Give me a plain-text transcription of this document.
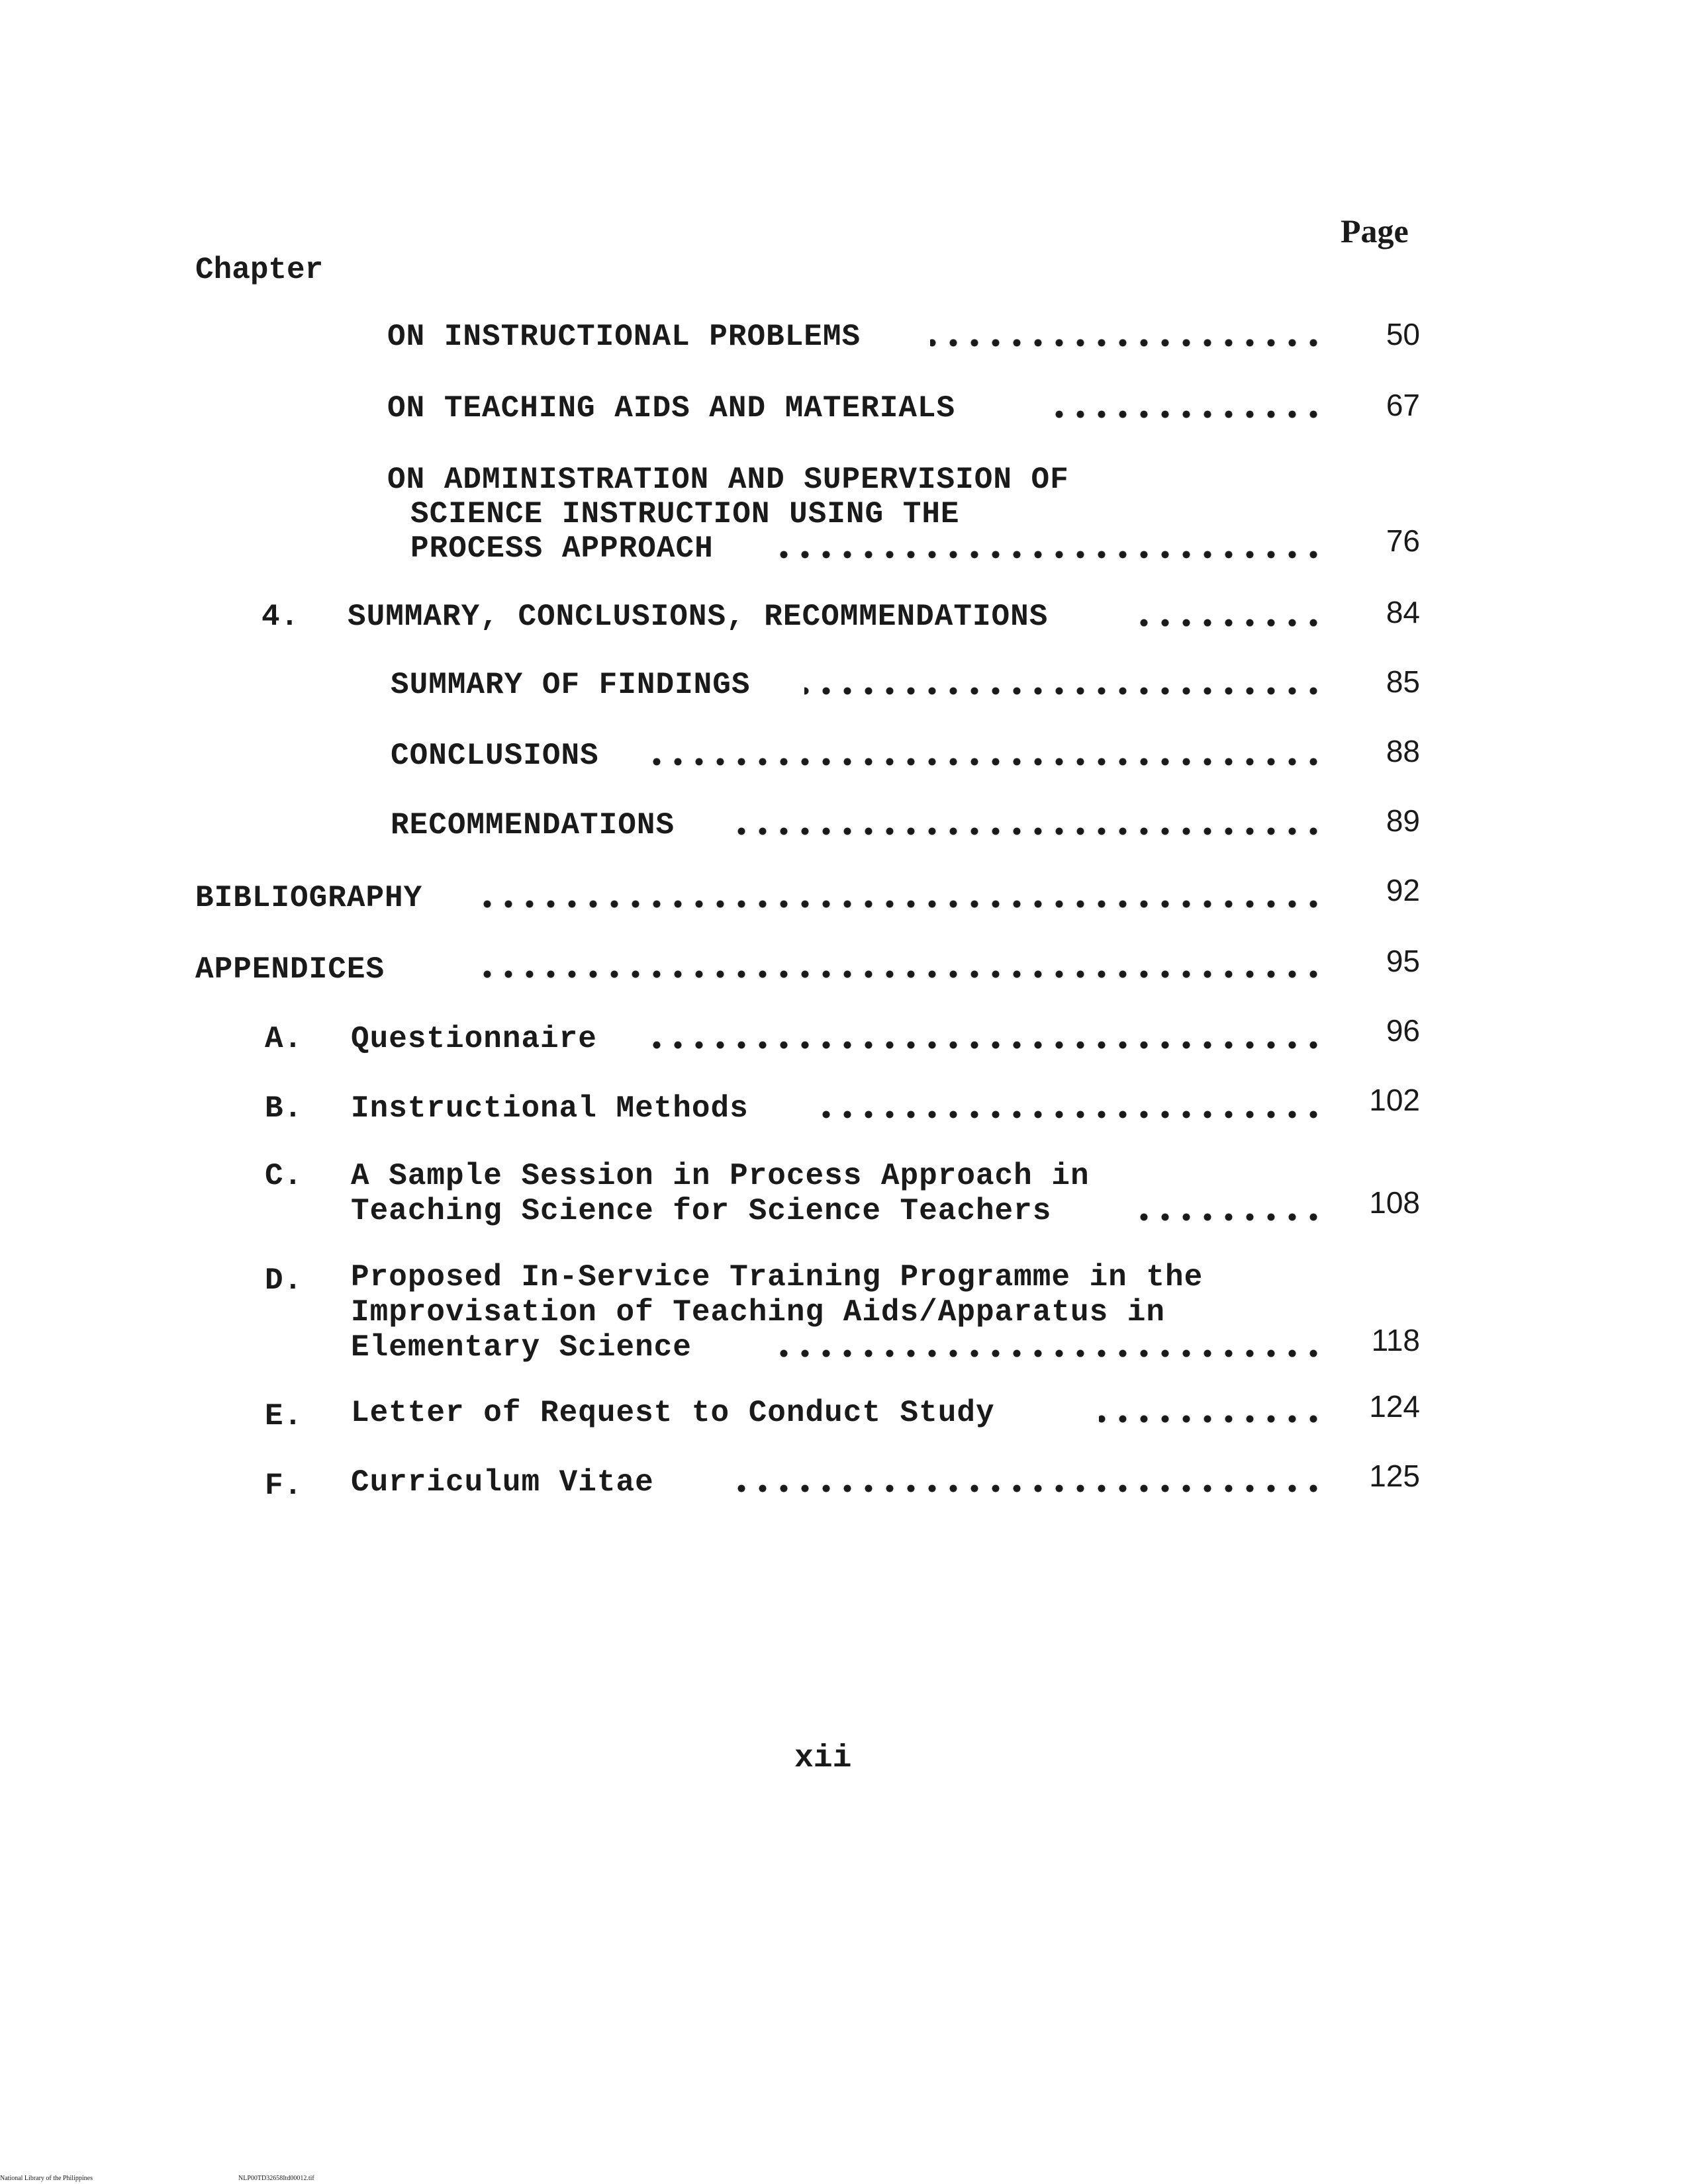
Page
Chapter
ON INSTRUCTIONAL PROBLEMS	50
ON TEACHING AIDS AND MATERIALS	67
ON ADMINISTRATION AND SUPERVISION OF
SCIENCE INSTRUCTION USING THE
PROCESS APPROACH	76
4. SUMMARY, CONCLUSIONS, RECOMMENDATIONS	84
SUMMARY OF FINDINGS	85
CONCLUSIONS	88
RECOMMENDATIONS	89
BIBLIOGRAPHY	92
APPENDICES	95
A. Questionnaire	96
B. Instructional Methods	102
C. A Sample Session in Process Approach in
Teaching Science for Science Teachers	108
D. Proposed In-Service Training Programme in the
Improvisation of Teaching Aids/Apparatus in
Elementary Science	118
E. Letter of Request to Conduct Study	124
F. Curriculum Vitae	125
xii
National Library of the Philippines	NLP00TD32658Itd00012.tif
